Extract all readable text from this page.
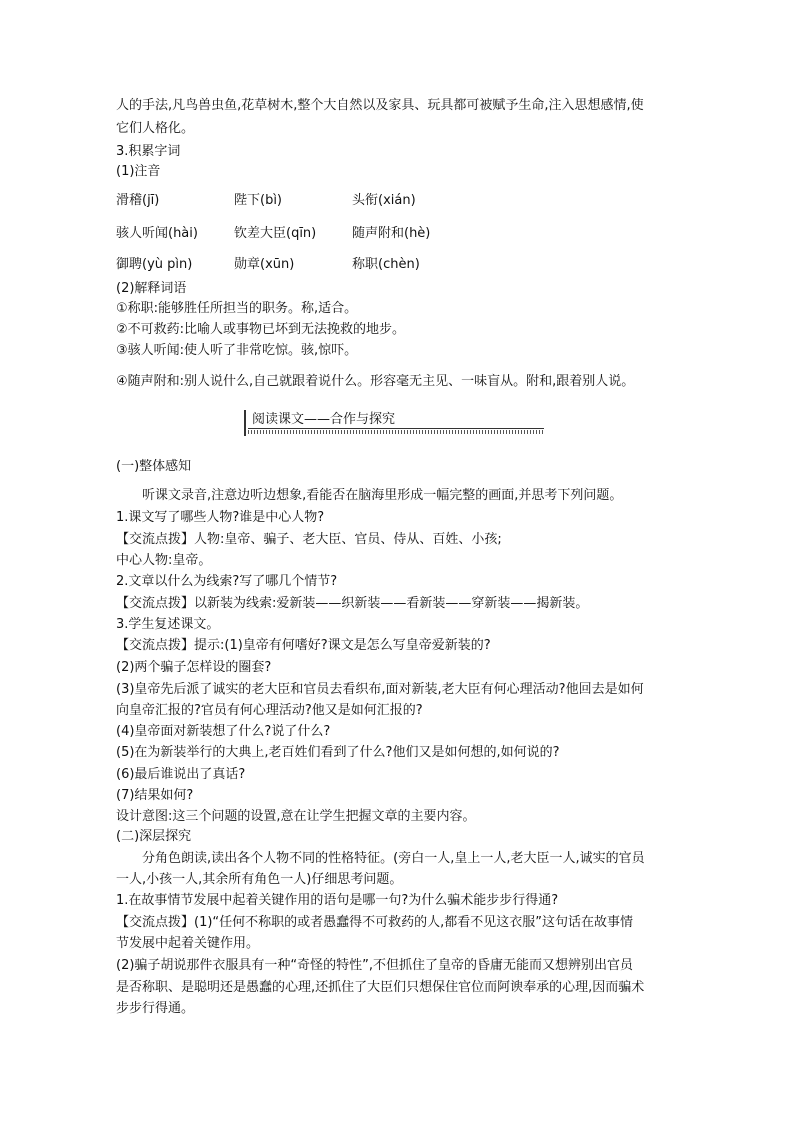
人的手法,凡鸟兽虫鱼,花草树木,整个大自然以及家具、玩具都可被赋予生命,注入思想感情,使
它们人格化。
3.积累字词
(1)注音
滑稽(jī)	陛下(bì)	头衔(xián)
骇人听闻(hài)	钦差大臣(qīn)	随声附和(hè)
御聘(yù pìn)	勋章(xūn)	称职(chèn)
(2)解释词语
①称职:能够胜任所担当的职务。称,适合。
②不可救药:比喻人或事物已坏到无法挽救的地步。
③骇人听闻:使人听了非常吃惊。骇,惊吓。
④随声附和:别人说什么,自己就跟着说什么。形容毫无主见、一味盲从。附和,跟着别人说。
阅读课文——合作与探究
(一)整体感知
听课文录音,注意边听边想象,看能否在脑海里形成一幅完整的画面,并思考下列问题。
1.课文写了哪些人物?谁是中心人物?
【交流点拨】人物:皇帝、骗子、老大臣、官员、侍从、百姓、小孩;
中心人物:皇帝。
2.文章以什么为线索?写了哪几个情节?
【交流点拨】以新装为线索:爱新装——织新装——看新装——穿新装——揭新装。
3.学生复述课文。
【交流点拨】提示:(1)皇帝有何嗜好?课文是怎么写皇帝爱新装的?
(2)两个骗子怎样设的圈套?
(3)皇帝先后派了诚实的老大臣和官员去看织布,面对新装,老大臣有何心理活动?他回去是如何
向皇帝汇报的?官员有何心理活动?他又是如何汇报的?
(4)皇帝面对新装想了什么?说了什么?
(5)在为新装举行的大典上,老百姓们看到了什么?他们又是如何想的,如何说的?
(6)最后谁说出了真话?
(7)结果如何?
设计意图:这三个问题的设置,意在让学生把握文章的主要内容。
(二)深层探究
分角色朗读,读出各个人物不同的性格特征。(旁白一人,皇上一人,老大臣一人,诚实的官员
一人,小孩一人,其余所有角色一人)仔细思考问题。
1.在故事情节发展中起着关键作用的语句是哪一句?为什么骗术能步步行得通?
【交流点拨】(1)“任何不称职的或者愚蠢得不可救药的人,都看不见这衣服”这句话在故事情
节发展中起着关键作用。
(2)骗子胡说那件衣服具有一种“奇怪的特性”,不但抓住了皇帝的昏庸无能而又想辨别出官员
是否称职、是聪明还是愚蠢的心理,还抓住了大臣们只想保住官位而阿谀奉承的心理,因而骗术
步步行得通。
